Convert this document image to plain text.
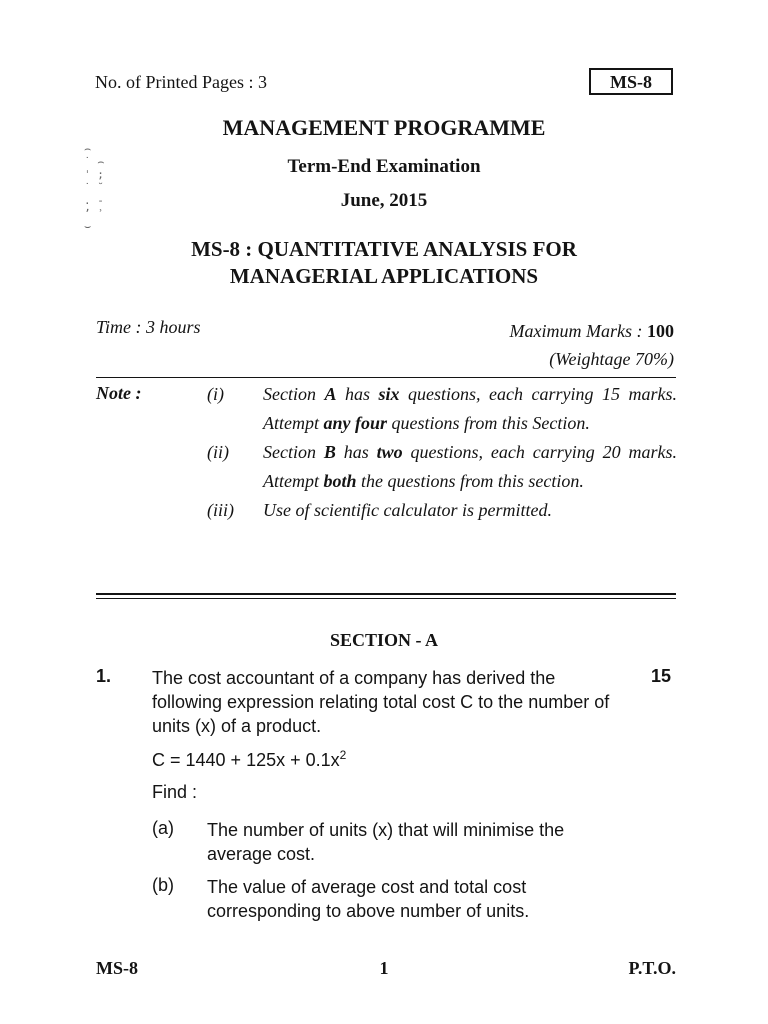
No. of Printed Pages : 3	MS-8
⌢
˙ ⌢
ˈ ;
˙ ˘
. -
ʼ ʾ
⌣
MANAGEMENT PROGRAMME
Term-End Examination
June, 2015
MS-8 : QUANTITATIVE ANALYSIS FOR
MANAGERIAL APPLICATIONS
Time : 3 hours	Maximum Marks : 100
(Weightage 70%)
Note :	(i)	Section A has six questions, each carrying 15 marks. Attempt any four questions from this Section.
(ii)	Section B has two questions, each carrying 20 marks. Attempt both the questions from this section.
(iii)	Use of scientific calculator is permitted.
SECTION - A
1. The cost accountant of a company has derived the following expression relating total cost C to the number of units (x) of a product.
15
$C = 1440 + 125x + 0.1x^2$
Find :
(a) The number of units (x) that will minimise the average cost.
(b) The value of average cost and total cost corresponding to above number of units.
MS-8	1	P.T.O.
